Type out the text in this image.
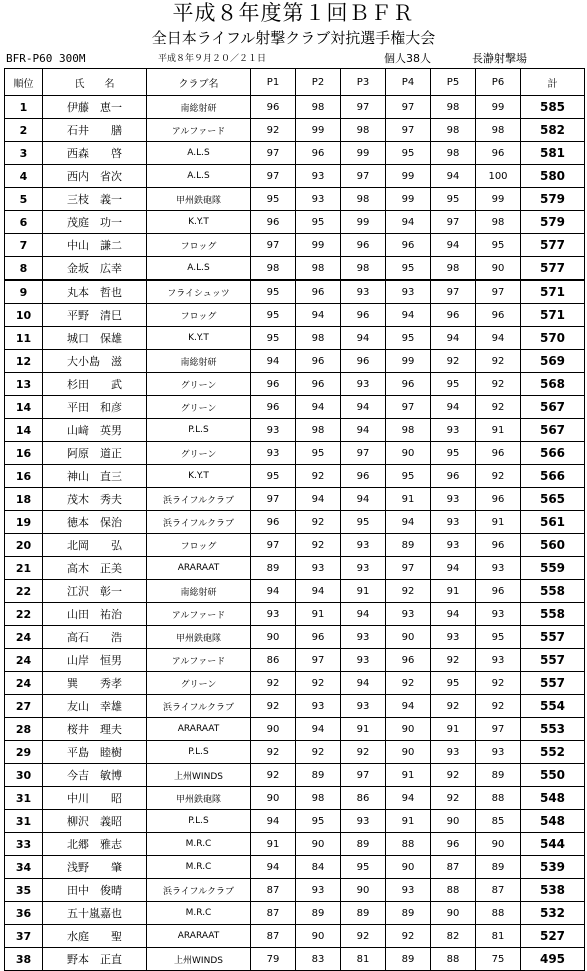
平成８年度第１回ＢＦＲ
全日本ライフル射撃クラブ対抗選手権大会
BFR-P60 300M	平成８年９月２０／２１日	個人38人	長瀞射撃場
順位	氏　　名	クラブ名	P1	P2	P3	P4	P5	P6	計
1	伊藤　恵一	南総射研	96	98	97	97	98	99	585
2	石井　　膳	アルファード	92	99	98	97	98	98	582
3	西森　　啓	A.L.S	97	96	99	95	98	96	581
4	西内　省次	A.L.S	97	93	97	99	94	100	580
5	三枝　義一	甲州鉄砲隊	95	93	98	99	95	99	579
6	茂庭　功一	K.Y.T	96	95	99	94	97	98	579
7	中山　謙二	フロッグ	97	99	96	96	94	95	577
8	金坂　広幸	A.L.S	98	98	98	95	98	90	577
9	丸本　哲也	フライシュッツ	95	96	93	93	97	97	571
10	平野　清巳	フロッグ	95	94	96	94	96	96	571
11	城口　保雄	K.Y.T	95	98	94	95	94	94	570
12	大小島　滋	南総射研	94	96	96	99	92	92	569
13	杉田　　武	グリーン	96	96	93	96	95	92	568
14	平田　和彦	グリーン	96	94	94	97	94	92	567
14	山﨑　英男	P.L.S	93	98	94	98	93	91	567
16	阿原　道正	グリーン	93	95	97	90	95	96	566
16	神山　直三	K.Y.T	95	92	96	95	96	92	566
18	茂木　秀夫	浜ライフルクラブ	97	94	94	91	93	96	565
19	徳本　保治	浜ライフルクラブ	96	92	95	94	93	91	561
20	北岡　　弘	フロッグ	97	92	93	89	93	96	560
21	高木　正美	ARARAAT	89	93	93	97	94	93	559
22	江沢　彰一	南総射研	94	94	91	92	91	96	558
22	山田　祐治	アルファード	93	91	94	93	94	93	558
24	高石　　浩	甲州鉄砲隊	90	96	93	90	93	95	557
24	山岸　恒男	アルファード	86	97	93	96	92	93	557
24	巽　　秀孝	グリーン	92	92	94	92	95	92	557
27	友山　幸雄	浜ライフルクラブ	92	93	93	94	92	92	554
28	桜井　理夫	ARARAAT	90	94	91	90	91	97	553
29	平島　睦樹	P.L.S	92	92	92	90	93	93	552
30	今吉　敏博	上州WINDS	92	89	97	91	92	89	550
31	中川　　昭	甲州鉄砲隊	90	98	86	94	92	88	548
31	柳沢　義昭	P.L.S	94	95	93	91	90	85	548
33	北郷　雅志	M.R.C	91	90	89	88	96	90	544
34	浅野　　肇	M.R.C	94	84	95	90	87	89	539
35	田中　俊晴	浜ライフルクラブ	87	93	90	93	88	87	538
36	五十嵐嘉也	M.R.C	87	89	89	89	90	88	532
37	水庭　　聖	ARARAAT	87	90	92	92	82	81	527
38	野本　正直	上州WINDS	79	83	81	89	88	75	495
